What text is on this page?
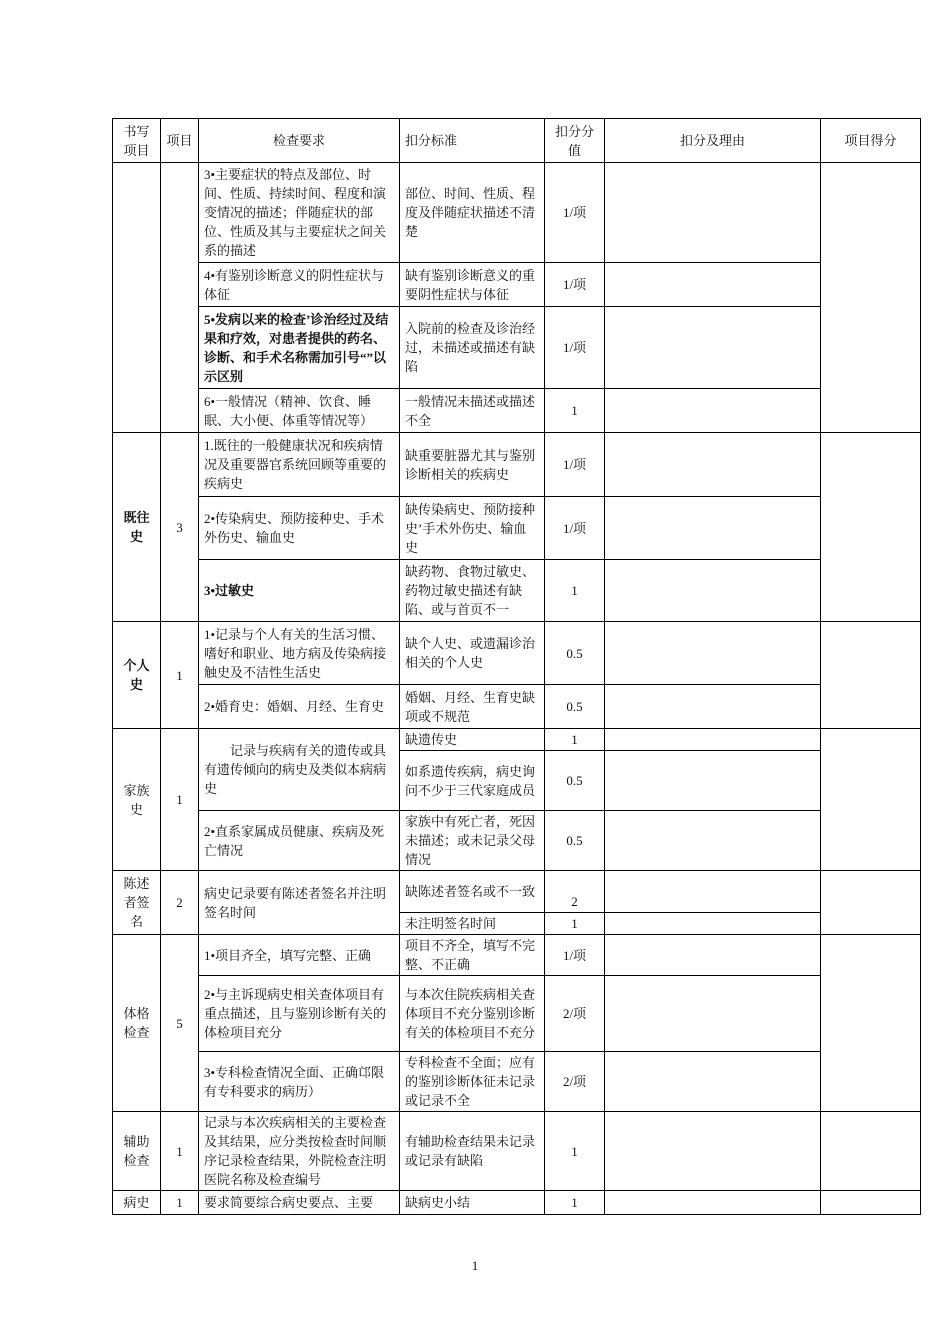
书写项目	项目	检查要求	扣分标准	扣分分值	扣分及理由	项目得分
		3•主要症状的特点及部位、时间、性质、持续时间、程度和演变情况的描述；伴随症状的部位、性质及其与主要症状之间关系的描述	部位、时间、性质、程度及伴随症状描述不清楚	1/项		
		4•有鉴别诊断意义的阴性症状与体征	缺有鉴别诊断意义的重要阴性症状与体征	1/项		
		5•发病以来的检查’诊治经过及结果和疗效，对患者提供的药名、诊断、和手术名称需加引号“”以示区别	入院前的检查及诊治经过，未描述或描述有缺陷	1/项		
		6•一般情况（精神、饮食、睡眠、大小便、体重等情况等）	一般情况未描述或描述不全	1		
既往史	3	1.既往的一般健康状况和疾病情况及重要器官系统回顾等重要的疾病史	缺重要脏器尤其与鉴别诊断相关的疾病史	1/项		
		2•传染病史、预防接种史、手术外伤史、输血史	缺传染病史、预防接种史’手术外伤史、输血史	1/项		
		3•过敏史	缺药物、食物过敏史、药物过敏史描述有缺陷、或与首页不一	1		
个人史	1	1•记录与个人有关的生活习惯、嗜好和职业、地方病及传染病接触史及不洁性生活史	缺个人史、或遗漏诊治相关的个人史	0.5		
		2•婚育史：婚姻、月经、生育史	婚姻、月经、生育史缺项或不规范	0.5		
家族史	1	记录与疾病有关的遗传或具有遗传倾向的病史及类似本病病史	缺遗传史	1		
			如系遗传疾病，病史询问不少于三代家庭成员	0.5		
		2•直系家属成员健康、疾病及死亡情况	家族中有死亡者，死因未描述；或未记录父母情况	0.5		
陈述者签名	2	病史记录要有陈述者签名并注明签名时间	缺陈述者签名或不一致	2		
			未注明签名时间	1		
体格检查	5	1•项目齐全，填写完整、正确	项目不齐全，填写不完整、不正确	1/项		
		2•与主诉现病史相关查体项目有重点描述，且与鉴别诊断有关的体检项目充分	与本次住院疾病相关查体项目不充分鉴别诊断有关的体检项目不充分	2/项		
		3•专科检查情况全面、正确邙限有专科要求的病历）	专科检查不全面；应有的鉴别诊断体征未记录或记录不全	2/项		
辅助检查	1	记录与本次疾病相关的主要检查及其结果，应分类按检查时间顺序记录检查结果，外院检查注明医院名称及检查编号	有辅助检查结果未记录或记录有缺陷	1		
病史	1	要求简要综合病史要点、主要	缺病史小结	1		
1
